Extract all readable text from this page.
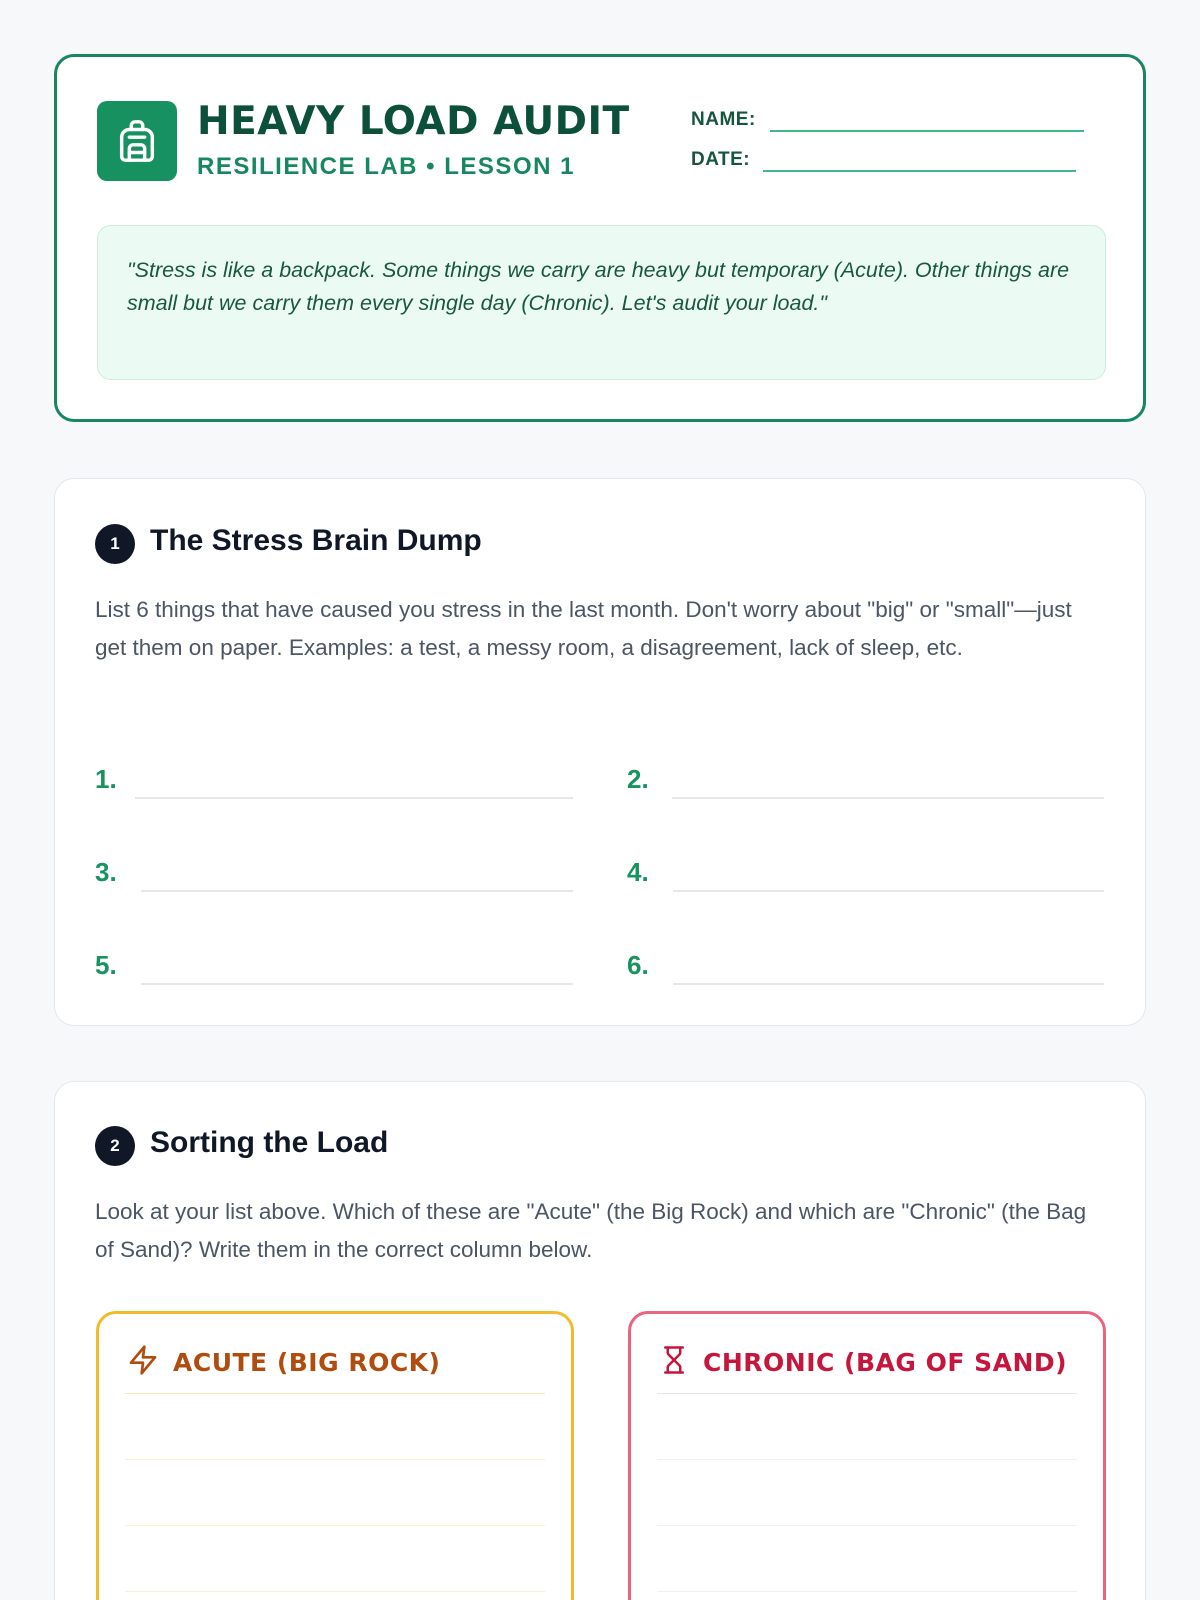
HEAVY LOAD AUDIT
RESILIENCE LAB • LESSON 1
NAME:
DATE:
"Stress is like a backpack. Some things we carry are heavy but temporary (Acute). Other things are small but we carry them every single day (Chronic). Let's audit your load."
1	The Stress Brain Dump
List 6 things that have caused you stress in the last month. Don't worry about "big" or "small"—just get them on paper. Examples: a test, a messy room, a disagreement, lack of sleep, etc.
1.	2.
3.	4.
5.	6.
2	Sorting the Load
Look at your list above. Which of these are "Acute" (the Big Rock) and which are "Chronic" (the Bag of Sand)? Write them in the correct column below.
ACUTE (BIG ROCK)	CHRONIC (BAG OF SAND)
